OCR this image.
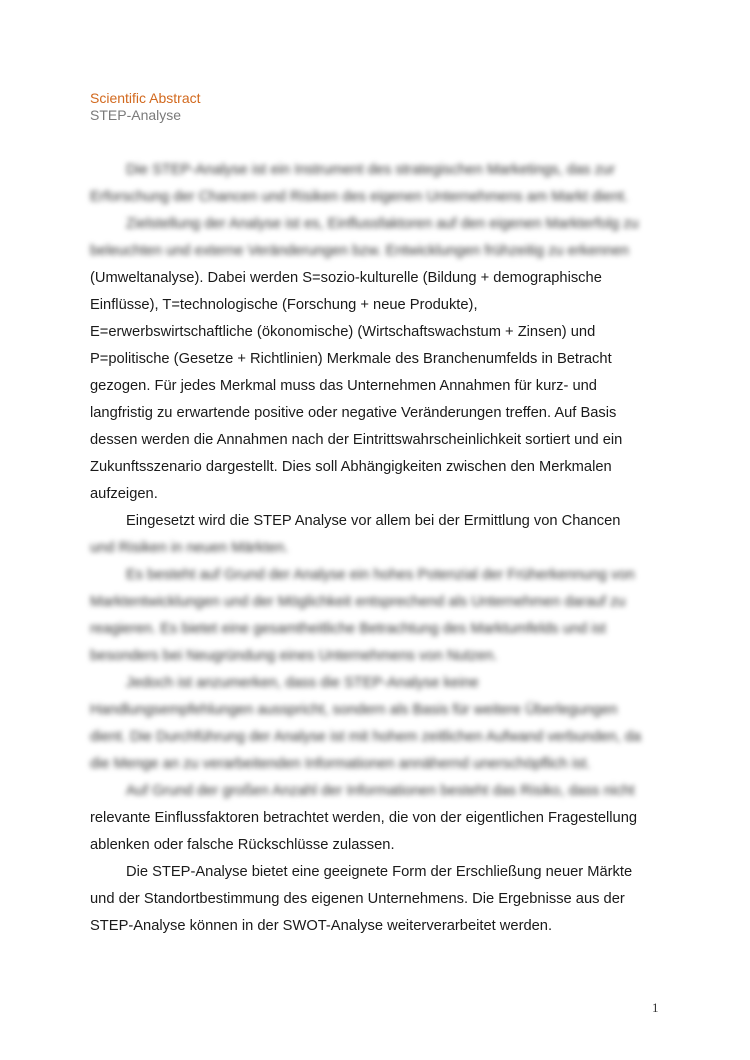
Scientific Abstract
STEP-Analyse
Die STEP-Analyse ist ein Instrument des strategischen Marketings, das zur
Erforschung der Chancen und Risiken des eigenen Unternehmens am Markt dient.
Zielstellung der Analyse ist es, Einflussfaktoren auf den eigenen Markterfolg zu
beleuchten und externe Veränderungen bzw. Entwicklungen frühzeitig zu erkennen
(Umweltanalyse). Dabei werden S=sozio-kulturelle (Bildung + demographische
Einflüsse), T=technologische (Forschung + neue Produkte),
E=erwerbswirtschaftliche (ökonomische) (Wirtschaftswachstum + Zinsen) und
P=politische (Gesetze + Richtlinien) Merkmale des Branchenumfelds in Betracht
gezogen. Für jedes Merkmal muss das Unternehmen Annahmen für kurz- und
langfristig zu erwartende positive oder negative Veränderungen treffen. Auf Basis
dessen werden die Annahmen nach der Eintrittswahrscheinlichkeit sortiert und ein
Zukunftsszenario dargestellt. Dies soll Abhängigkeiten zwischen den Merkmalen
aufzeigen.
Eingesetzt wird die STEP Analyse vor allem bei der Ermittlung von Chancen
und Risiken in neuen Märkten.
Es besteht auf Grund der Analyse ein hohes Potenzial der Früherkennung von
Marktentwicklungen und der Möglichkeit entsprechend als Unternehmen darauf zu
reagieren. Es bietet eine gesamtheitliche Betrachtung des Marktumfelds und ist
besonders bei Neugründung eines Unternehmens von Nutzen.
Jedoch ist anzumerken, dass die STEP-Analyse keine
Handlungsempfehlungen ausspricht, sondern als Basis für weitere Überlegungen
dient. Die Durchführung der Analyse ist mit hohem zeitlichen Aufwand verbunden, da
die Menge an zu verarbeitenden Informationen annähernd unerschöpflich ist.
Auf Grund der großen Anzahl der Informationen besteht das Risiko, dass nicht
relevante Einflussfaktoren betrachtet werden, die von der eigentlichen Fragestellung
ablenken oder falsche Rückschlüsse zulassen.
Die STEP-Analyse bietet eine geeignete Form der Erschließung neuer Märkte
und der Standortbestimmung des eigenen Unternehmens. Die Ergebnisse aus der
STEP-Analyse können in der SWOT-Analyse weiterverarbeitet werden.
1
